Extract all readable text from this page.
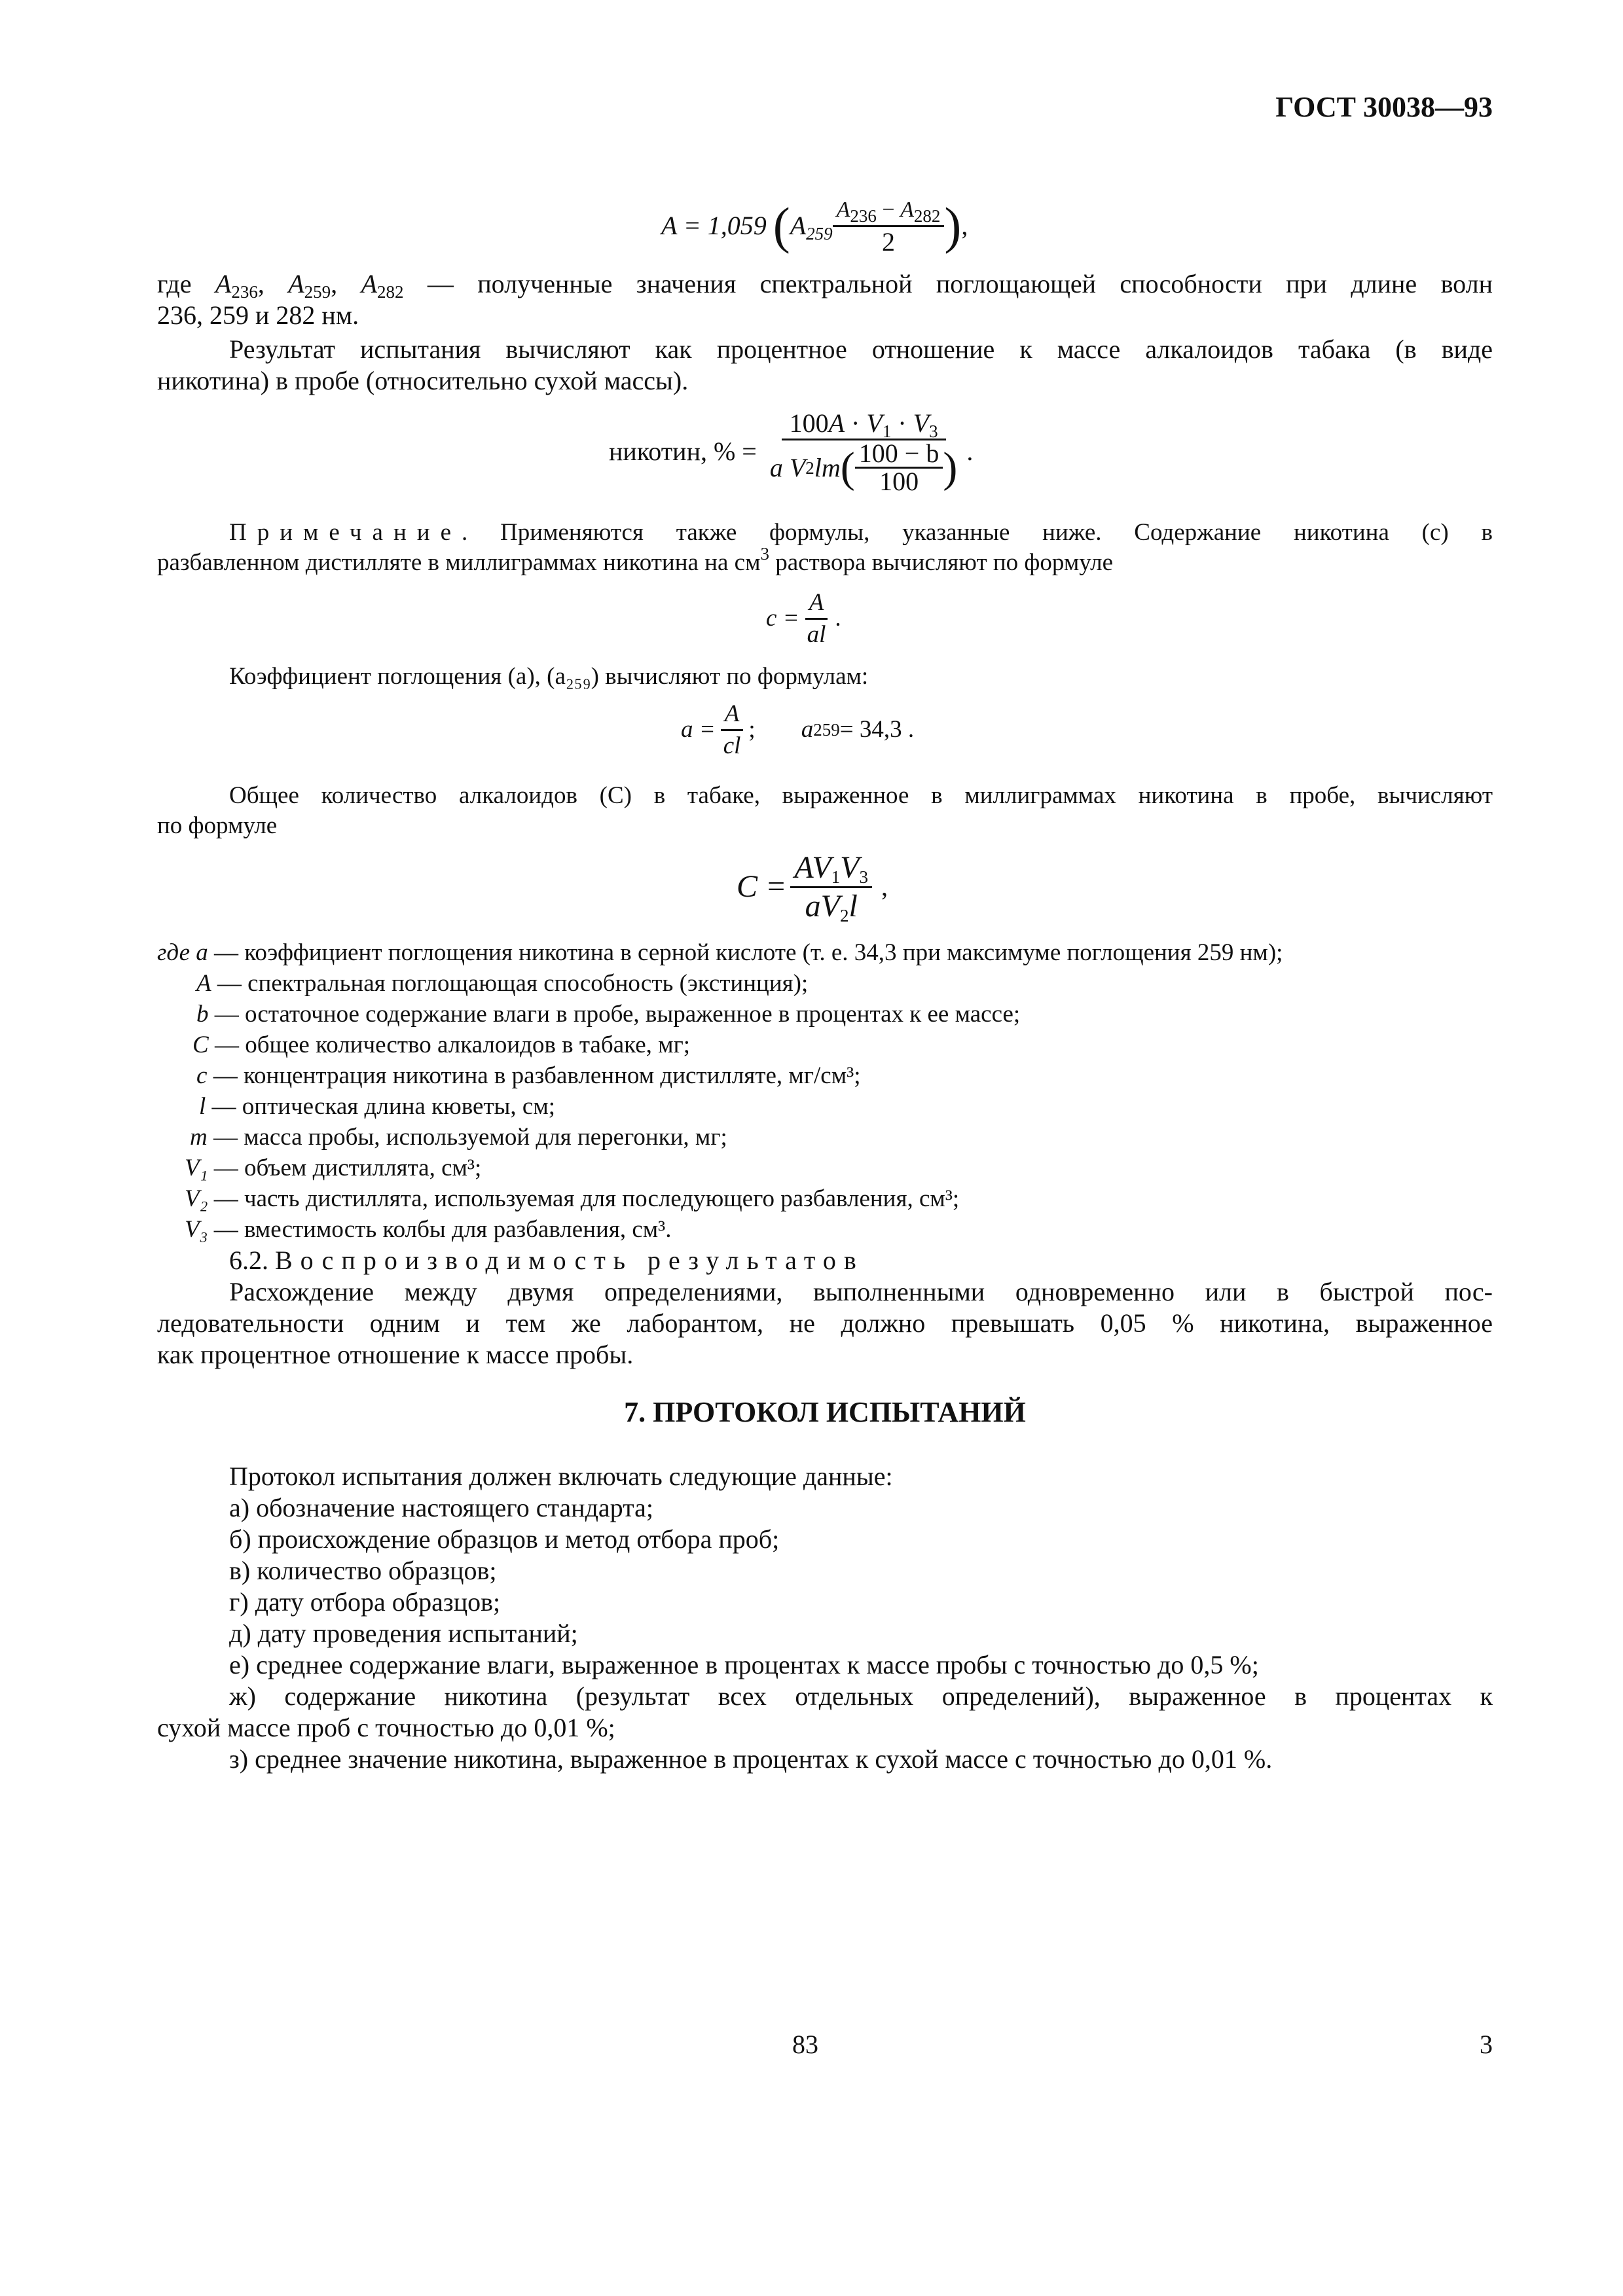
ГОСТ 30038—93
A = 1,059 ( $A_{259} \frac{A_{236} - A_{282}}{2}$ ) ,
где $A_{236}$, $A_{259}$, $A_{282}$ — полученные значения спектральной поглощающей способности при длине волн
236, 259 и 282 нм.
Результат испытания вычисляют как процентное отношение к массе алкалоидов табака (в виде
никотина) в пробе (относительно сухой массы).
никотин, % =
$100A \cdot V_1 \cdot V_3$
a
V 2 lm ( $\frac{100 - b}{100}$ ) .
Примечание. Применяются также формулы, указанные ниже. Содержание никотина (c) в
разбавленном дистилляте в миллиграммах никотина на $см^3$ раствора вычисляют по формуле
$c = \frac{A}{al}$ .
Коэффициент поглощения (a), (a₂₅₉) вычисляют по формулам:
$a = \frac{A}{cl}$ ; a 259 = 34,3 .
Общее количество алкалоидов (C) в табаке, выраженное в миллиграммах никотина в пробе, вычисляют
по формуле
$C = \frac{AV_1V_3}{aV_2l}$ ,
где a — коэффициент поглощения никотина в серной кислоте (т. е. 34,3 при максимуме поглощения 259 нм);
A — спектральная поглощающая способность (экстинция);
b — остаточное содержание влаги в пробе, выраженное в процентах к ее массе;
C — общее количество алкалоидов в табаке, мг;
c — концентрация никотина в разбавленном дистилляте, мг/см³;
l — оптическая длина кюветы, см;
m — масса пробы, используемой для перегонки, мг;
V₁ — объем дистиллята, см³;
V₂ — часть дистиллята, используемая для последующего разбавления, см³;
V₃ — вместимость колбы для разбавления, см³.
6.2. Воспроизводимость результатов
Расхождение между двумя определениями, выполненными одновременно или в быстрой пос-
ледовательности одним и тем же лаборантом, не должно превышать 0,05 % никотина, выраженное
как процентное отношение к массе пробы.
7. ПРОТОКОЛ ИСПЫТАНИЙ
Протокол испытания должен включать следующие данные:
а) обозначение настоящего стандарта;
б) происхождение образцов и метод отбора проб;
в) количество образцов;
г) дату отбора образцов;
д) дату проведения испытаний;
е) среднее содержание влаги, выраженное в процентах к массе пробы с точностью до 0,5 %;
ж) содержание никотина (результат всех отдельных определений), выраженное в процентах к
сухой массе проб с точностью до 0,01 %;
з) среднее значение никотина, выраженное в процентах к сухой массе с точностью до 0,01 %.
83	3
